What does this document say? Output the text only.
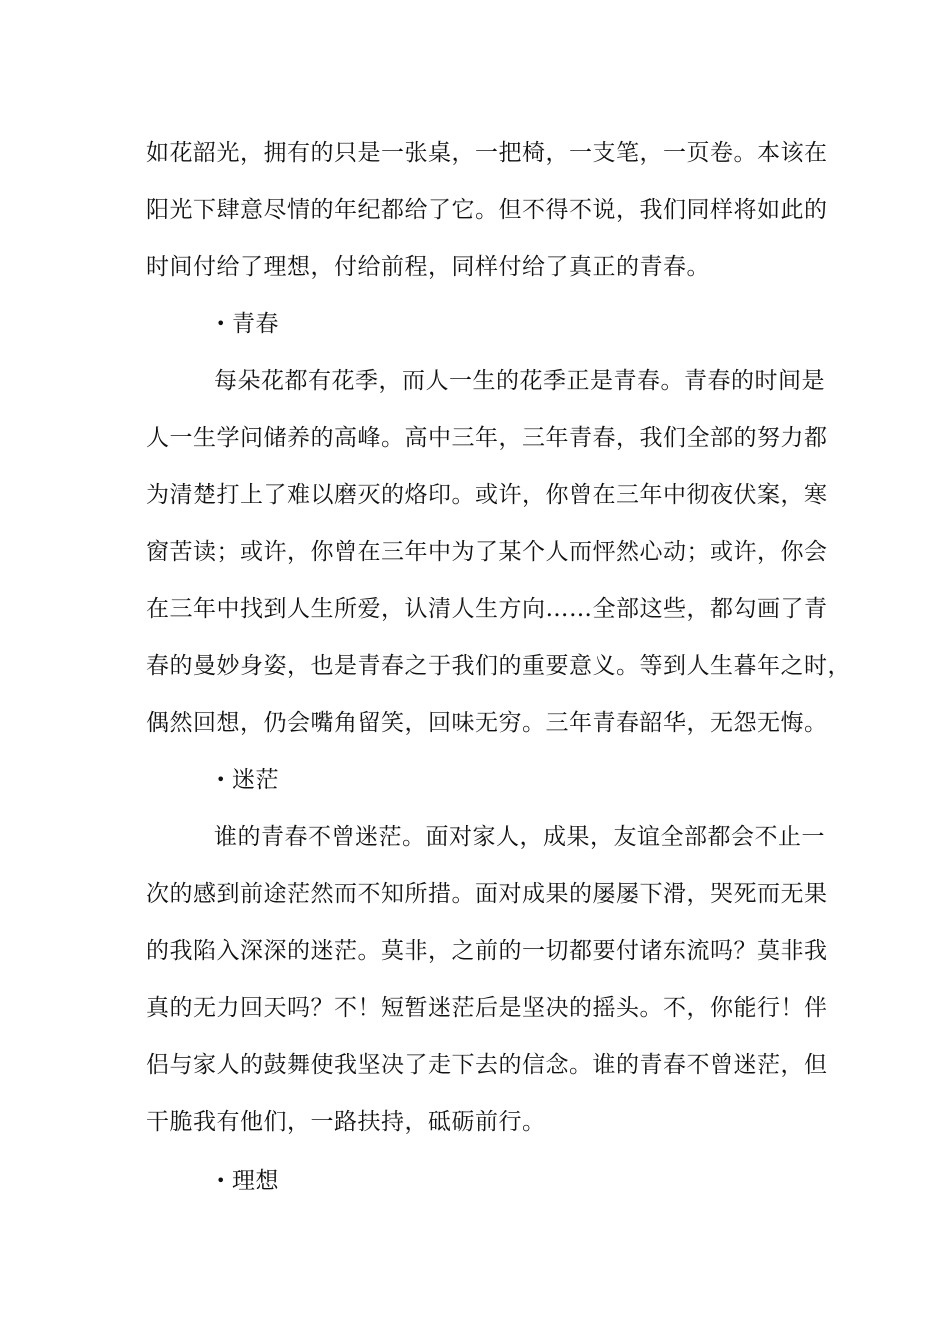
如花韶光，拥有的只是一张桌，一把椅，一支笔，一页卷。本该在
阳光下肆意尽情的年纪都给了它。但不得不说，我们同样将如此的
时间付给了理想，付给前程，同样付给了真正的青春。
• 青春
每朵花都有花季，而人一生的花季正是青春。青春的时间是
人一生学问储养的高峰。高中三年，三年青春，我们全部的努力都
为清楚打上了难以磨灭的烙印。或许，你曾在三年中彻夜伏案，寒
窗苦读；或许，你曾在三年中为了某个人而怦然心动；或许，你会
在三年中找到人生所爱，认清人生方向……全部这些，都勾画了青
春的曼妙身姿，也是青春之于我们的重要意义。等到人生暮年之时，
偶然回想，仍会嘴角留笑，回味无穷。三年青春韶华，无怨无悔。
• 迷茫
谁的青春不曾迷茫。面对家人，成果，友谊全部都会不止一
次的感到前途茫然而不知所措。面对成果的屡屡下滑，哭死而无果
的我陷入深深的迷茫。莫非，之前的一切都要付诸东流吗？莫非我
真的无力回天吗？不！短暂迷茫后是坚决的摇头。不，你能行！伴
侣与家人的鼓舞使我坚决了走下去的信念。谁的青春不曾迷茫，但
干脆我有他们，一路扶持，砥砺前行。
• 理想
